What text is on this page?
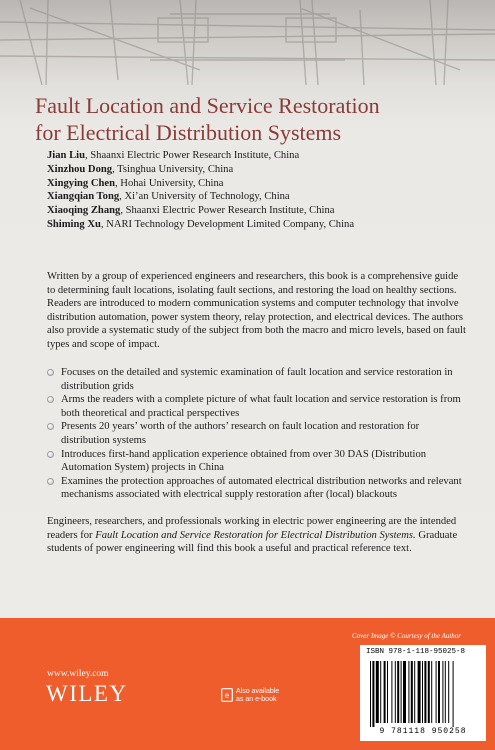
Fault Location and Service Restoration
for Electrical Distribution Systems
Jian Liu, Shaanxi Electric Power Research Institute, China
Xinzhou Dong, Tsinghua University, China
Xingying Chen, Hohai University, China
Xiangqian Tong, Xi’an University of Technology, China
Xiaoqing Zhang, Shaanxi Electric Power Research Institute, China
Shiming Xu, NARI Technology Development Limited Company, China
Written by a group of experienced engineers and researchers, this book is a comprehensive guide to determining fault locations, isolating fault sections, and restoring the load on healthy sections. Readers are introduced to modern communication systems and computer technology that involve distribution automation, power system theory, relay protection, and electrical devices. The authors also provide a systematic study of the subject from both the macro and micro levels, based on fault types and scope of impact.

Focuses on the detailed and systemic examination of fault location and service restoration in distribution grids

Arms the readers with a complete picture of what fault location and service restoration is from both theoretical and practical perspectives

Presents 20 years’ worth of the authors’ research on fault location and restoration for distribution systems

Introduces first-hand application experience obtained from over 30 DAS (Distribution Automation System) projects in China

Examines the protection approaches of automated electrical distribution networks and relevant mechanisms associated with electrical supply restoration after (local) blackouts

Engineers, researchers, and professionals working in electric power engineering are the intended readers for Fault Location and Service Restoration for Electrical Distribution Systems. Graduate students of power engineering will find this book a useful and practical reference text.
Cover Image © Courtesy of the Author
www.wiley.com
WILEY	e Also available
as an e-book
ISBN 978-1-118-95025-8
9 781118 950258
